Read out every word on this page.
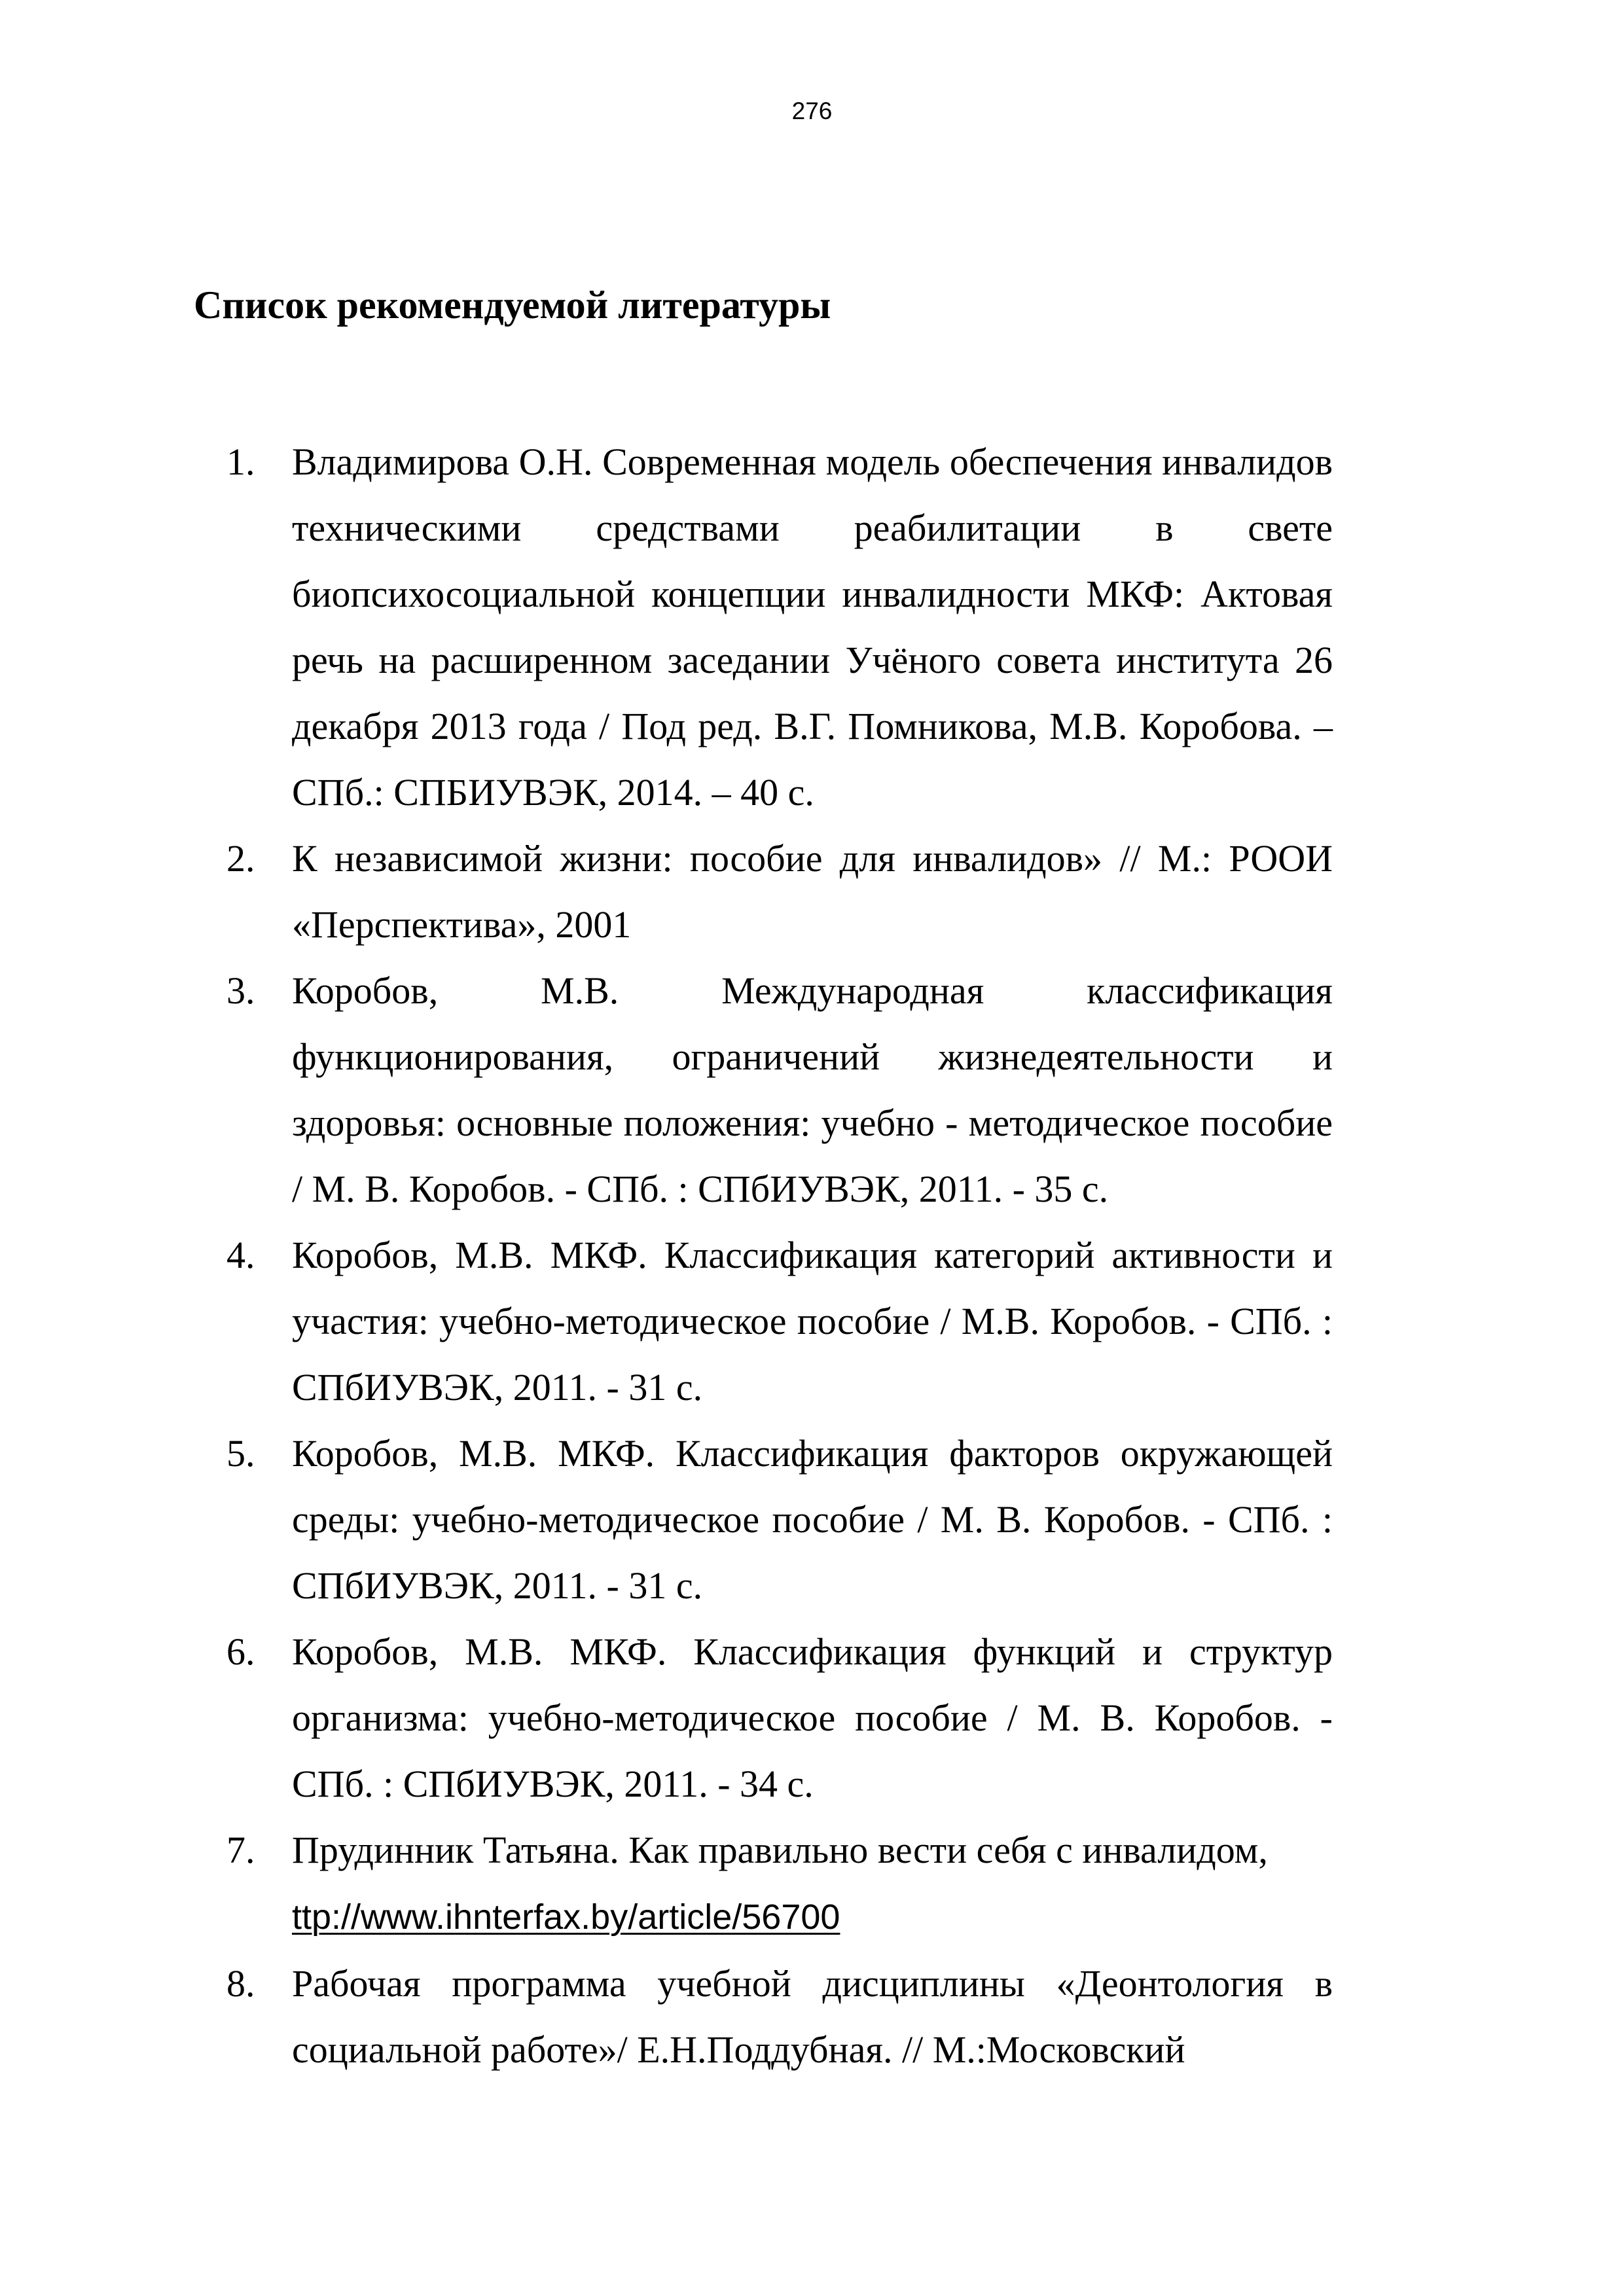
276
Список рекомендуемой литературы
1. Владимирова О.Н. Современная модель обеспечения инвалидов техническими средствами реабилитации в свете биопсихосоциальной концепции инвалидности МКФ: Актовая речь на расширенном заседании Учёного совета института 26 декабря 2013 года / Под ред. В.Г. Помникова, М.В. Коробова. – СПб.: СПБИУВЭК, 2014. – 40 с.
2. К независимой жизни: пособие для инвалидов» // М.: РООИ «Перспектива», 2001
3. Коробов, М.В. Международная классификация функционирования, ограничений жизнедеятельности и здоровья: основные положения: учебно - методическое пособие / М. В. Коробов. - СПб. : СПбИУВЭК, 2011. - 35 с.
4. Коробов, М.В. МКФ. Классификация категорий активности и участия: учебно-методическое пособие / М.В. Коробов. - СПб. : СПбИУВЭК, 2011. - 31 с.
5. Коробов, М.В. МКФ. Классификация факторов окружающей среды: учебно-методическое пособие / М. В. Коробов. - СПб. : СПбИУВЭК, 2011. - 31 с.
6. Коробов, М.В. МКФ. Классификация функций и структур организма: учебно-методическое пособие / М. В. Коробов. - СПб. : СПбИУВЭК, 2011. - 34 с.
7. Прудинник Татьяна. Как правильно вести себя с инвалидом,
ttp://www.ihnterfax.by/article/56700
8. Рабочая программа учебной дисциплины «Деонтология в социальной работе»/ Е.Н.Поддубная. // М.:Московский
